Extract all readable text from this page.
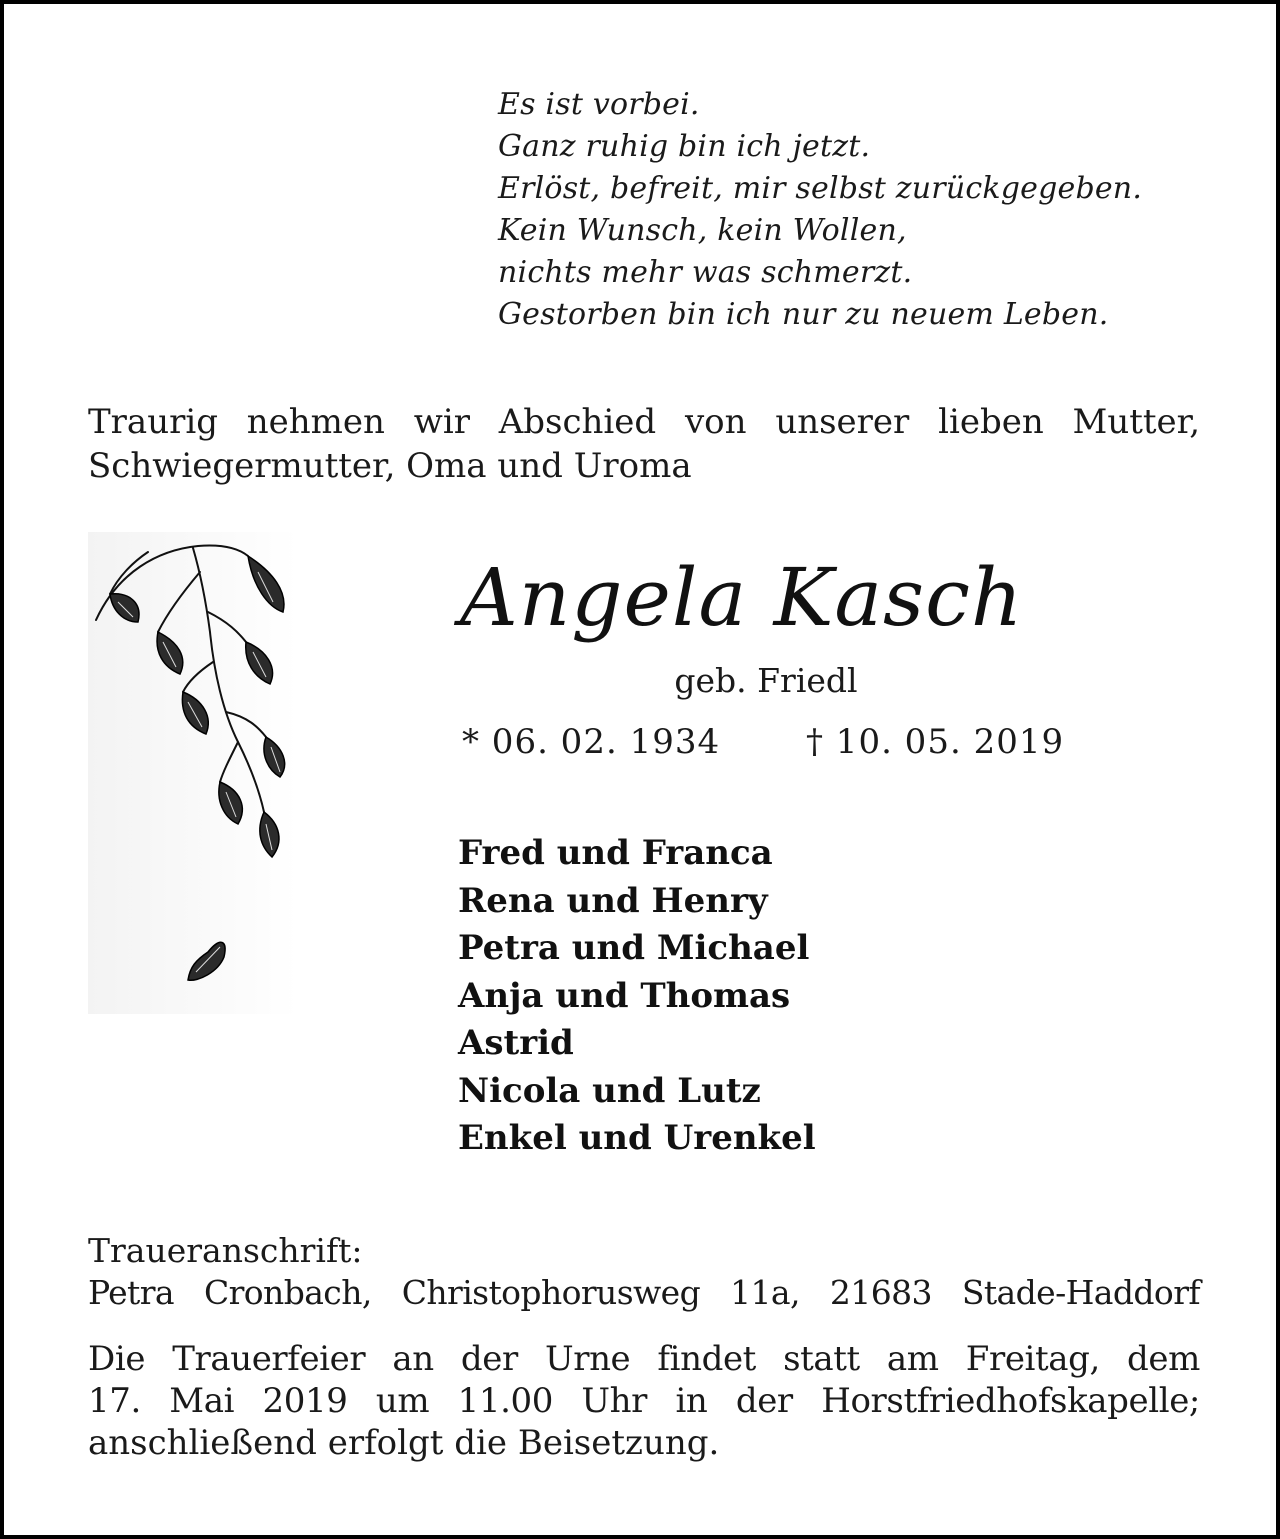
Es ist vorbei.
Ganz ruhig bin ich jetzt.
Erlöst, befreit, mir selbst zurückgegeben.
Kein Wunsch, kein Wollen,
nichts mehr was schmerzt.
Gestorben bin ich nur zu neuem Leben.
Traurig nehmen wir Abschied von unserer lieben Mutter,
Schwiegermutter, Oma und Uroma
Angela Kasch
geb. Friedl
* 06. 02. 1934	† 10. 05. 2019
Fred und Franca
Rena und Henry
Petra und Michael
Anja und Thomas
Astrid
Nicola und Lutz
Enkel und Urenkel
Traueranschrift:
Petra Cronbach, Christophorusweg 11a, 21683 Stade-Haddorf
Die Trauerfeier an der Urne findet statt am Freitag, dem
17. Mai 2019 um 11.00 Uhr in der Horstfriedhofskapelle;
anschließend erfolgt die Beisetzung.
